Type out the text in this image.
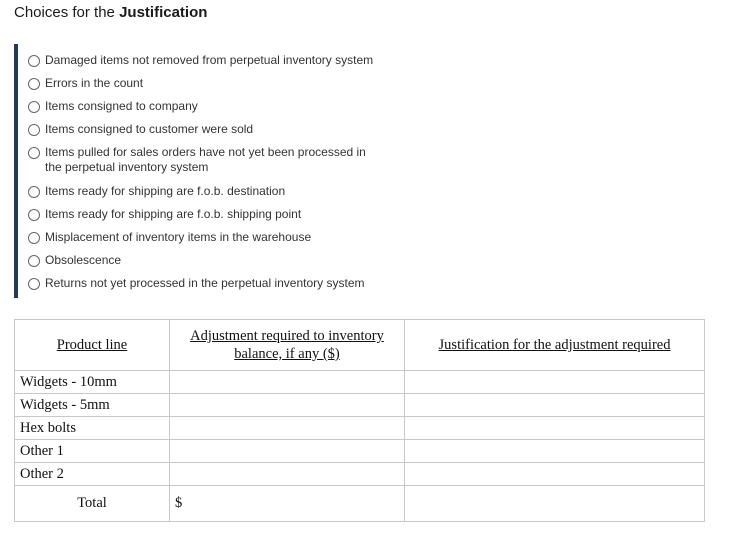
Choices for the Justification
Damaged items not removed from perpetual inventory system
Errors in the count
Items consigned to company
Items consigned to customer were sold
Items pulled for sales orders have not yet been processed in the perpetual inventory system
Items ready for shipping are f.o.b. destination
Items ready for shipping are f.o.b. shipping point
Misplacement of inventory items in the warehouse
Obsolescence
Returns not yet processed in the perpetual inventory system
Product line	Adjustment required to inventory balance, if any ($)	Justification for the adjustment required
Widgets - 10mm		
Widgets - 5mm		
Hex bolts		
Other 1		
Other 2		
Total	$	
